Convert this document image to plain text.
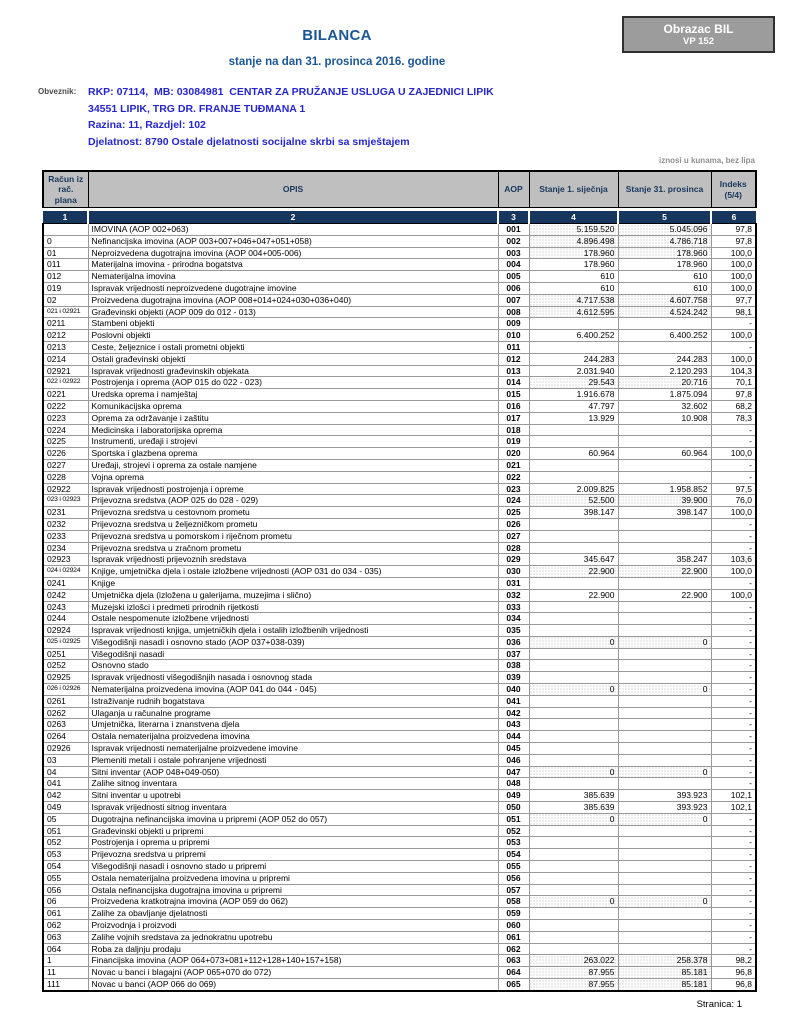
Obrazac BIL
VP 152
BILANCA
stanje na dan 31. prosinca 2016. godine
Obveznik: RKP: 07114,  MB: 03084981  CENTAR ZA PRUŽANJE USLUGA U ZAJEDNICI LIPIK
34551 LIPIK, TRG DR. FRANJE TUĐMANA 1
Razina: 11, Razdjel: 102
Djelatnost: 8790 Ostale djelatnosti socijalne skrbi sa smještajem
iznosi u kunama, bez lipa
Račun iz rač. plana	OPIS	AOP	Stanje 1. siječnja	Stanje 31. prosinca	Indeks (5/4)

1	2	3	4	5	6
	IMOVINA (AOP 002+063)	001	5.159.520	5.045.096	97,8
0	Nefinancijska imovina (AOP 003+007+046+047+051+058)	002	4.896.498	4.786.718	97,8
01	Neproizvedena dugotrajna imovina (AOP 004+005-006)	003	178.960	178.960	100,0
011	Materijalna imovina - prirodna bogatstva	004	178.960	178.960	100,0
012	Nematerijalna imovina	005	610	610	100,0
019	Ispravak vrijednosti neproizvedene dugotrajne imovine	006	610	610	100,0
02	Proizvedena dugotrajna imovina (AOP 008+014+024+030+036+040)	007	4.717.538	4.607.758	97,7
021 i 02921	Građevinski objekti (AOP 009 do 012 - 013)	008	4.612.595	4.524.242	98,1
0211	Stambeni objekti	009			-
0212	Poslovni objekti	010	6.400.252	6.400.252	100,0
0213	Ceste, željeznice i ostali prometni objekti	011			-
0214	Ostali građevinski objekti	012	244.283	244.283	100,0
02921	Ispravak vrijednosti građevinskih objekata	013	2.031.940	2.120.293	104,3
022 i 02922	Postrojenja i oprema (AOP 015 do 022 - 023)	014	29.543	20.716	70,1
0221	Uredska oprema i namještaj	015	1.916.678	1.875.094	97,8
0222	Komunikacijska oprema	016	47.797	32.602	68,2
0223	Oprema za održavanje i zaštitu	017	13.929	10.908	78,3
0224	Medicinska i laboratorijska oprema	018			-
0225	Instrumenti, uređaji i strojevi	019			-
0226	Sportska i glazbena oprema	020	60.964	60.964	100,0
0227	Uređaji, strojevi i oprema za ostale namjene	021			-
0228	Vojna oprema	022			-
02922	Ispravak vrijednosti postrojenja i opreme	023	2.009.825	1.958.852	97,5
023 i 02923	Prijevozna sredstva (AOP 025 do 028 - 029)	024	52.500	39.900	76,0
0231	Prijevozna sredstva u cestovnom prometu	025	398.147	398.147	100,0
0232	Prijevozna sredstva u željezničkom prometu	026			-
0233	Prijevozna sredstva u pomorskom i riječnom prometu	027			-
0234	Prijevozna sredstva u zračnom prometu	028			-
02923	Ispravak vrijednosti prijevoznih sredstava	029	345.647	358.247	103,6
024 i 02924	Knjige, umjetnička djela i ostale izložbene vrijednosti (AOP 031 do 034 - 035)	030	22.900	22.900	100,0
0241	Knjige	031			-
0242	Umjetnička djela (izložena u galerijama, muzejima i slično)	032	22.900	22.900	100,0
0243	Muzejski izlošci i predmeti prirodnih rijetkosti	033			-
0244	Ostale nespomenute izložbene vrijednosti	034			-
02924	Ispravak vrijednosti knjiga, umjetničkih djela i ostalih izložbenih vrijednosti	035			-
025 i 02925	Višegodišnji nasadi i osnovno stado (AOP 037+038-039)	036	0	0	-
0251	Višegodišnji nasadi	037			-
0252	Osnovno stado	038			-
02925	Ispravak vrijednosti višegodišnjih nasada i osnovnog stada	039			-
026 i 02926	Nematerijalna proizvedena imovina (AOP 041 do 044 - 045)	040	0	0	-
0261	Istraživanje rudnih bogatstava	041			-
0262	Ulaganja u računalne programe	042			-
0263	Umjetnička, literarna i znanstvena djela	043			-
0264	Ostala nematerijalna proizvedena imovina	044			-
02926	Ispravak vrijednosti nematerijalne proizvedene imovine	045			-
03	Plemeniti metali i ostale pohranjene vrijednosti	046			-
04	Sitni inventar (AOP 048+049-050)	047	0	0	-
041	Zalihe sitnog inventara	048			-
042	Sitni inventar u upotrebi	049	385.639	393.923	102,1
049	Ispravak vrijednosti sitnog inventara	050	385.639	393.923	102,1
05	Dugotrajna nefinancijska imovina u pripremi (AOP 052 do 057)	051	0	0	-
051	Građevinski objekti u pripremi	052			-
052	Postrojenja i oprema u pripremi	053			-
053	Prijevozna sredstva u pripremi	054			-
054	Višegodišnji nasadi i osnovno stado u pripremi	055			-
055	Ostala nematerijalna proizvedena imovina u pripremi	056			-
056	Ostala nefinancijska dugotrajna imovina u pripremi	057			-
06	Proizvedena kratkotrajna imovina (AOP 059 do 062)	058	0	0	-
061	Zalihe za obavljanje djelatnosti	059			-
062	Proizvodnja i proizvodi	060			-
063	Zalihe vojnih sredstava za jednokratnu upotrebu	061			-
064	Roba za daljnju prodaju	062			-
1	Financijska imovina (AOP 064+073+081+112+128+140+157+158)	063	263.022	258.378	98,2
11	Novac u banci i blagajni (AOP 065+070 do 072)	064	87.955	85.181	96,8
111	Novac u banci (AOP 066 do 069)	065	87.955	85.181	96,8
Stranica: 1
